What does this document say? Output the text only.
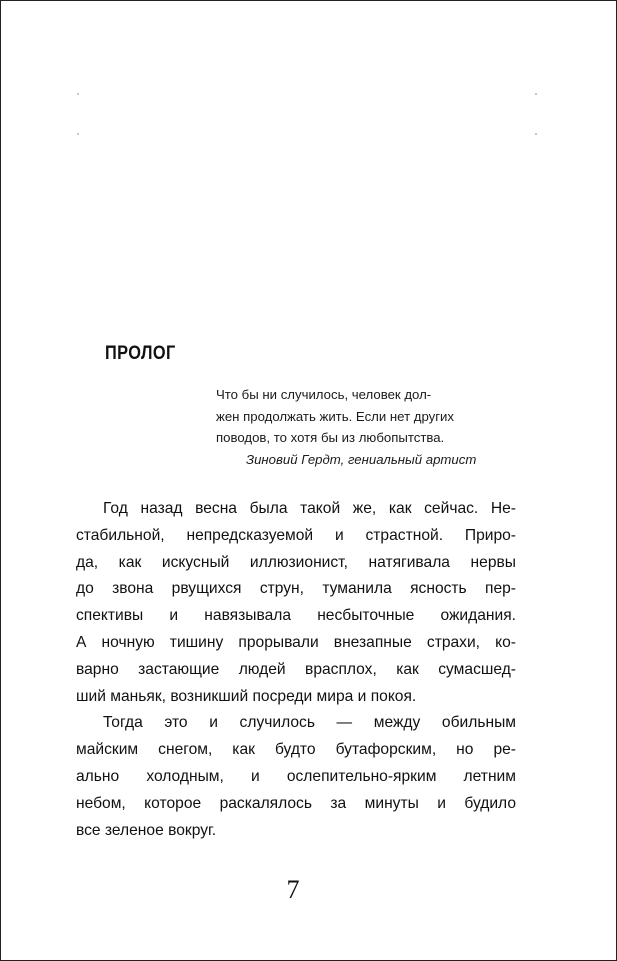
ПРОЛОГ
Что бы ни случилось, человек дол-
жен продолжать жить. Если нет других
поводов, то хотя бы из любопытства.
Зиновий Гердт, гениальный артист
Год назад весна была такой же, как сейчас. Не-
стабильной, непредсказуемой и страстной. Приро-
да, как искусный иллюзионист, натягивала нервы
до звона рвущихся струн, туманила ясность пер-
спективы и навязывала несбыточные ожидания.
А ночную тишину прорывали внезапные страхи, ко-
варно застающие людей врасплох, как сумасшед-
ший маньяк, возникший посреди мира и покоя.
Тогда это и случилось — между обильным
майским снегом, как будто бутафорским, но ре-
ально холодным, и ослепительно-ярким летним
небом, которое раскалялось за минуты и будило
все зеленое вокруг.
7
